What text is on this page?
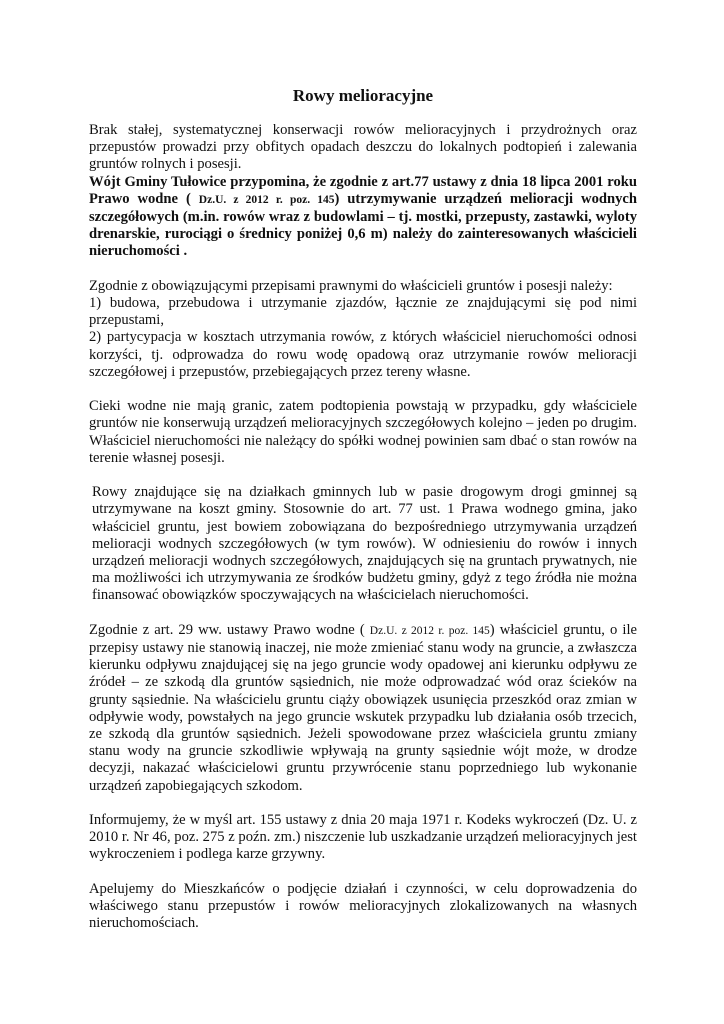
Rowy melioracyjne

Brak stałej, systematycznej konserwacji rowów melioracyjnych i przydrożnych oraz przepustów prowadzi przy obfitych opadach deszczu do lokalnych podtopień i zalewania gruntów rolnych i posesji.

Wójt Gminy Tułowice przypomina, że zgodnie z art.77 ustawy z dnia 18 lipca 2001 roku Prawo wodne ( Dz.U. z 2012 r. poz. 145) utrzymywanie urządzeń melioracji wodnych szczegółowych (m.in. rowów wraz z budowlami – tj. mostki, przepusty, zastawki, wyloty drenarskie, rurociągi o średnicy poniżej 0,6 m) należy do zainteresowanych właścicieli nieruchomości .

Zgodnie z obowiązującymi przepisami prawnymi do właścicieli gruntów i posesji należy:

1) budowa, przebudowa i utrzymanie zjazdów, łącznie ze znajdującymi się pod nimi przepustami,

2) partycypacja w kosztach utrzymania rowów, z których właściciel nieruchomości odnosi korzyści, tj. odprowadza do rowu wodę opadową oraz utrzymanie rowów melioracji szczegółowej i przepustów, przebiegających przez tereny własne.

Cieki wodne nie mają granic, zatem podtopienia powstają w przypadku, gdy właściciele gruntów nie konserwują urządzeń melioracyjnych szczegółowych kolejno – jeden po drugim. Właściciel nieruchomości nie należący do spółki wodnej powinien sam dbać o stan rowów na terenie własnej posesji.

Rowy znajdujące się na działkach gminnych lub w pasie drogowym drogi gminnej są utrzymywane na koszt gminy. Stosownie do art. 77 ust. 1 Prawa wodnego gmina, jako właściciel gruntu, jest bowiem zobowiązana do bezpośredniego utrzymywania urządzeń melioracji wodnych szczegółowych (w tym rowów). W odniesieniu do rowów i innych urządzeń melioracji wodnych szczegółowych, znajdujących się na gruntach prywatnych, nie ma możliwości ich utrzymywania ze środków budżetu gminy, gdyż z tego źródła nie można finansować obowiązków spoczywających na właścicielach nieruchomości.

Zgodnie z art. 29 ww. ustawy Prawo wodne ( Dz.U. z 2012 r. poz. 145) właściciel gruntu, o ile przepisy ustawy nie stanowią inaczej, nie może zmieniać stanu wody na gruncie, a zwłaszcza kierunku odpływu znajdującej się na jego gruncie wody opadowej ani kierunku odpływu ze źródeł – ze szkodą dla gruntów sąsiednich, nie może odprowadzać wód oraz ścieków na grunty sąsiednie. Na właścicielu gruntu ciąży obowiązek usunięcia przeszkód oraz zmian w odpływie wody, powstałych na jego gruncie wskutek przypadku lub działania osób trzecich, ze szkodą dla gruntów sąsiednich. Jeżeli spowodowane przez właściciela gruntu zmiany stanu wody na gruncie szkodliwie wpływają na grunty sąsiednie wójt może, w drodze decyzji, nakazać właścicielowi gruntu przywrócenie stanu poprzedniego lub wykonanie urządzeń zapobiegających szkodom.

Informujemy, że w myśl art. 155 ustawy z dnia 20 maja 1971 r. Kodeks wykroczeń (Dz. U. z 2010 r. Nr 46, poz. 275 z poźn. zm.) niszczenie lub uszkadzanie urządzeń melioracyjnych jest wykroczeniem i podlega karze grzywny.

Apelujemy do Mieszkańców o podjęcie działań i czynności, w celu doprowadzenia do właściwego stanu przepustów i rowów melioracyjnych zlokalizowanych na własnych nieruchomościach.
